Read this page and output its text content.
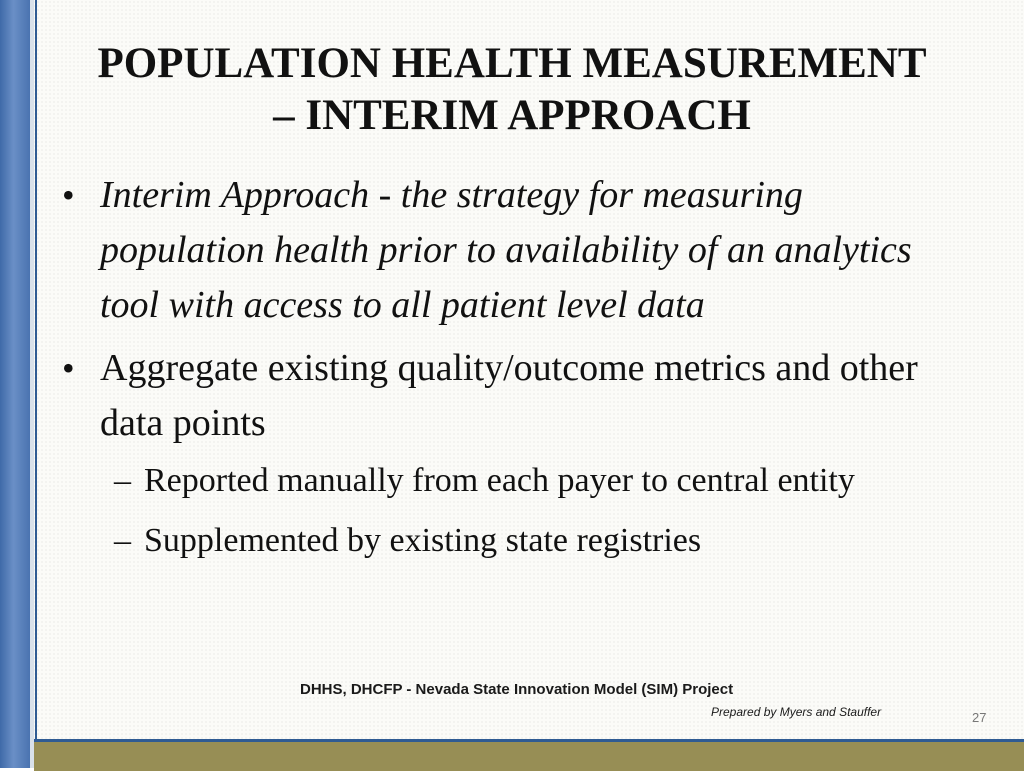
POPULATION HEALTH MEASUREMENT
– INTERIM APPROACH
• Interim Approach - the strategy for measuring population health prior to availability of an analytics tool with access to all patient level data
• Aggregate existing quality/outcome metrics and other data points
– Reported manually from each payer to central entity
– Supplemented by existing state registries
DHHS, DHCFP - Nevada State Innovation Model (SIM) Project
Prepared by Myers and Stauffer	27
